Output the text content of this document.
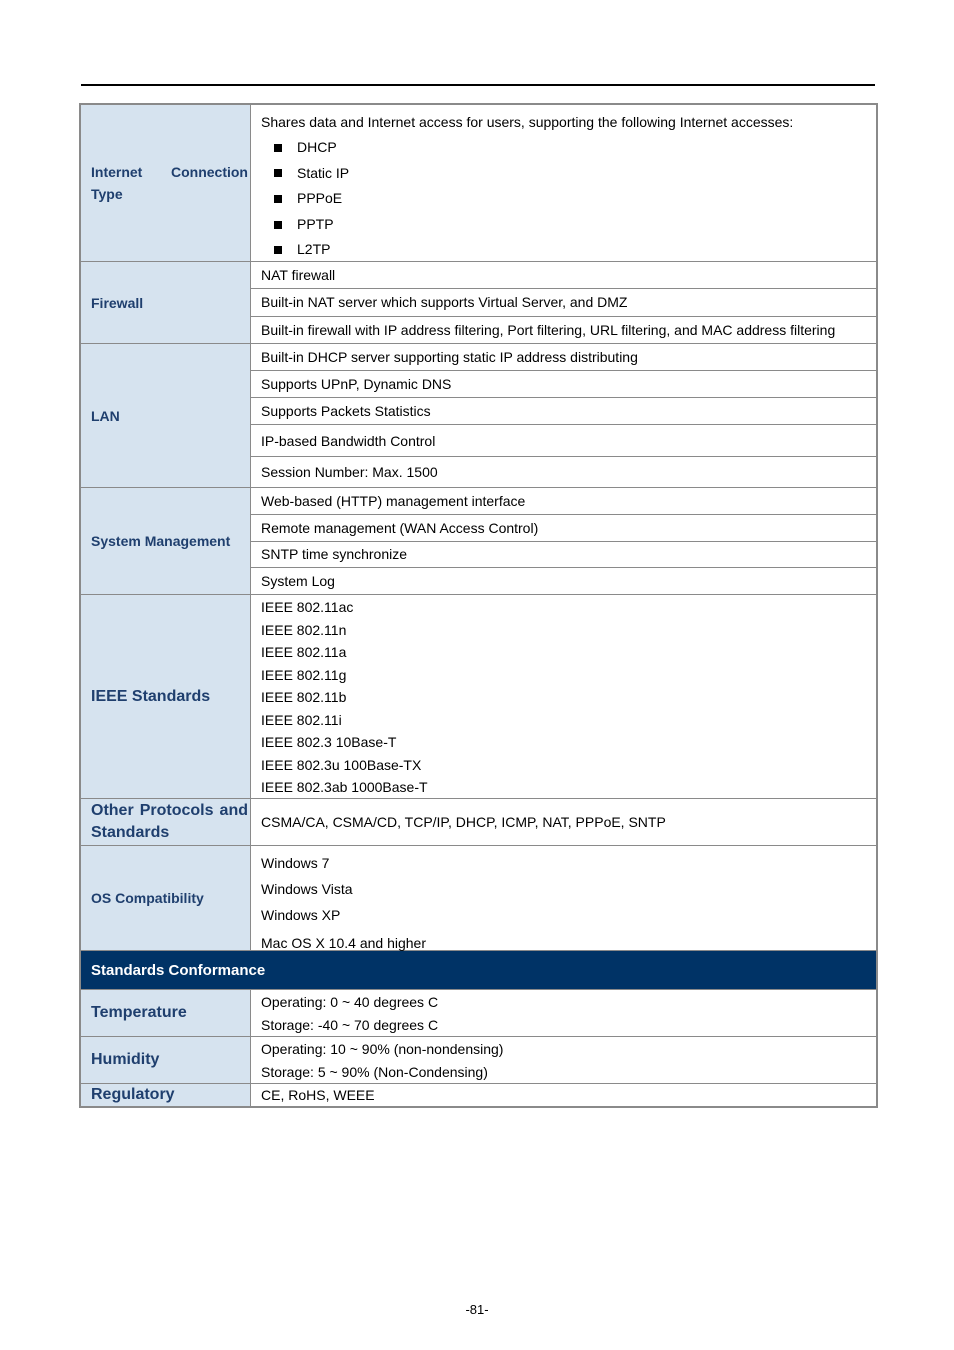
Internet Connection
Type
Shares data and Internet access for users, supporting the following Internet accesses:
DHCP
Static IP
PPPoE
PPTP
L2TP
Firewall
NAT firewall
Built-in NAT server which supports Virtual Server, and DMZ
Built-in firewall with IP address filtering, Port filtering, URL filtering, and MAC address filtering
LAN
Built-in DHCP server supporting static IP address distributing
Supports UPnP, Dynamic DNS
Supports Packets Statistics
IP-based Bandwidth Control
Session Number: Max. 1500
System Management
Web-based (HTTP) management interface
Remote management (WAN Access Control)
SNTP time synchronize
System Log
IEEE Standards
IEEE 802.11ac
IEEE 802.11n
IEEE 802.11a
IEEE 802.11g
IEEE 802.11b
IEEE 802.11i
IEEE 802.3 10Base-T
IEEE 802.3u 100Base-TX
IEEE 802.3ab 1000Base-T
Other Protocols and
Standards
CSMA/CA, CSMA/CD, TCP/IP, DHCP, ICMP, NAT, PPPoE, SNTP
OS Compatibility
Windows 7
Windows Vista
Windows XP
Mac OS X 10.4 and higher
Standards Conformance
Temperature
Operating: 0 ~ 40 degrees C
Storage: -40 ~ 70 degrees C
Humidity
Operating: 10 ~ 90% (non-nondensing)
Storage: 5 ~ 90% (Non-Condensing)
Regulatory	CE, RoHS, WEEE
-81-
